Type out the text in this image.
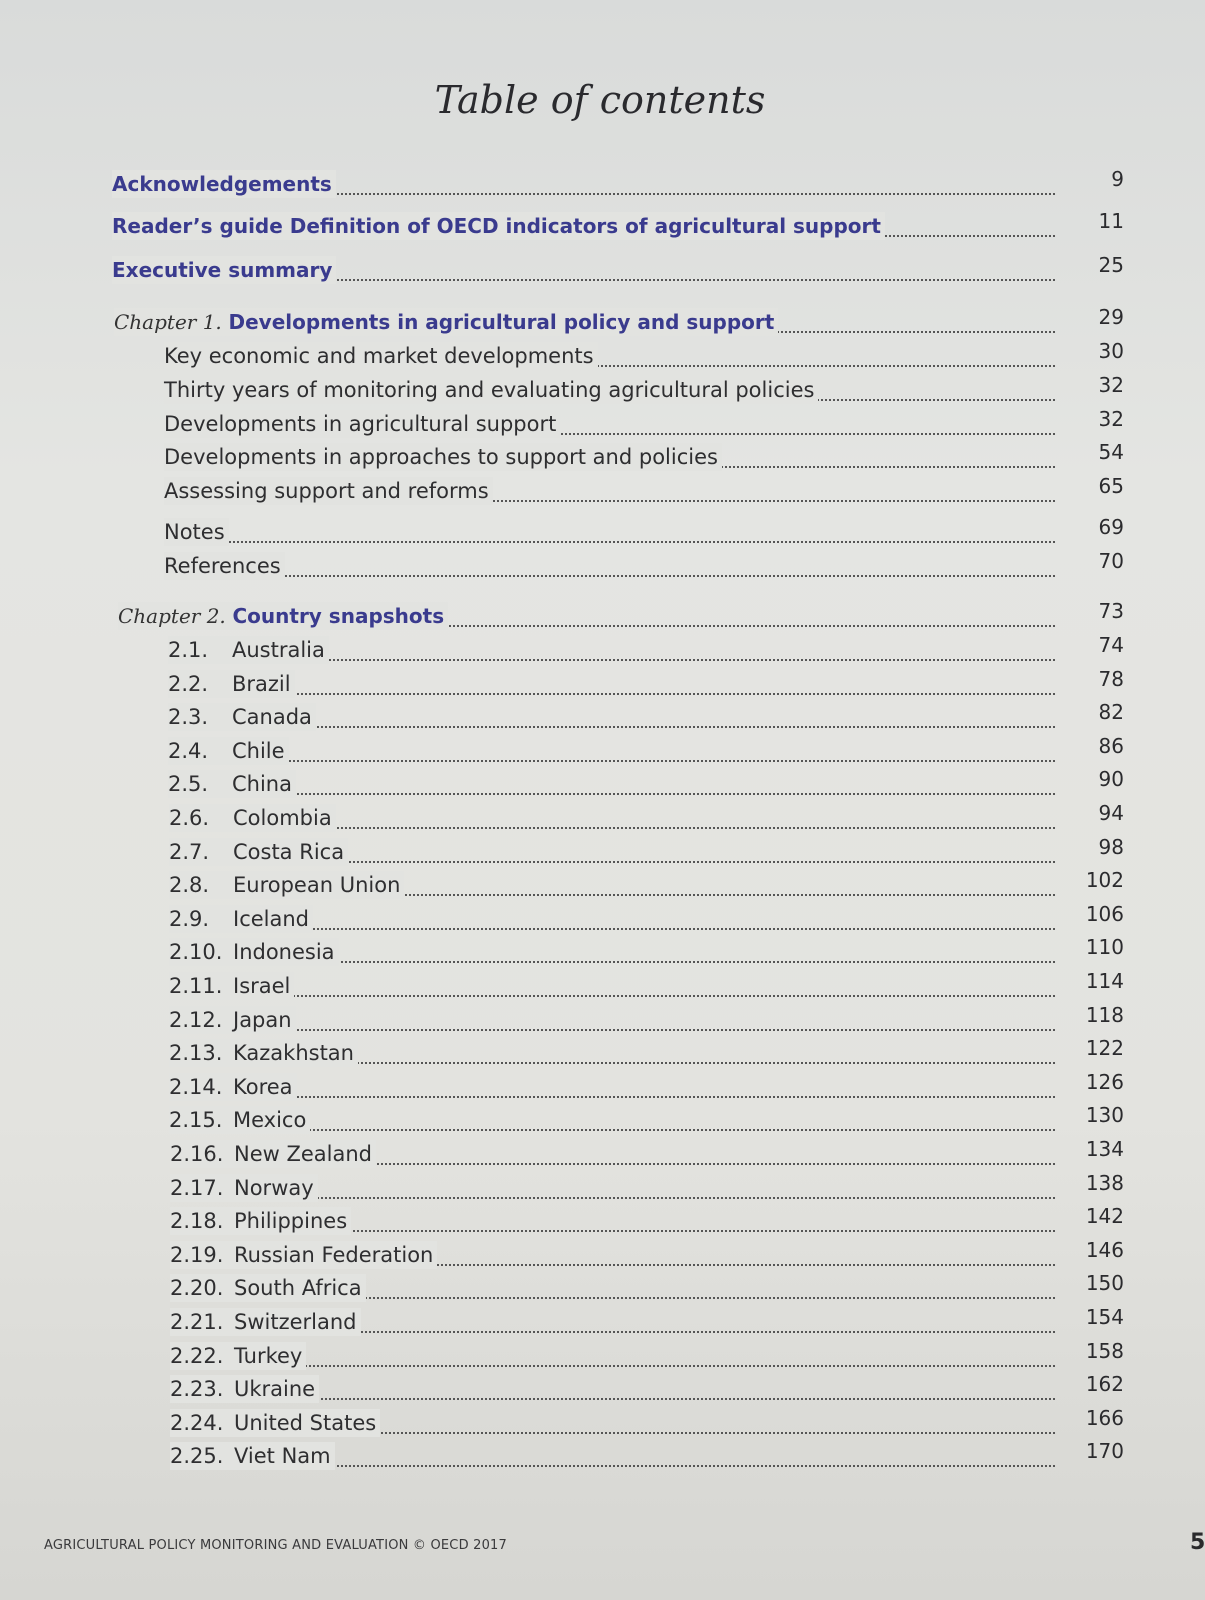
Table of contents
Acknowledgements	9
Reader’s guide Definition of OECD indicators of agricultural support	11
Executive summary	25
Chapter 1. Developments in agricultural policy and support	29
Key economic and market developments	30
Thirty years of monitoring and evaluating agricultural policies	32
Developments in agricultural support	32
Developments in approaches to support and policies	54
Assessing support and reforms	65
Notes	69
References	70
Chapter 2. Country snapshots	73
2.1. Australia	74
2.2. Brazil	78
2.3. Canada	82
2.4. Chile	86
2.5. China	90
2.6. Colombia	94
2.7. Costa Rica	98
2.8. European Union	102
2.9. Iceland	106
2.10. Indonesia	110
2.11. Israel	114
2.12. Japan	118
2.13. Kazakhstan	122
2.14. Korea	126
2.15. Mexico	130
2.16. New Zealand	134
2.17. Norway	138
2.18. Philippines	142
2.19. Russian Federation	146
2.20. South Africa	150
2.21. Switzerland	154
2.22. Turkey	158
2.23. Ukraine	162
2.24. United States	166
2.25. Viet Nam	170
AGRICULTURAL POLICY MONITORING AND EVALUATION © OECD 2017	5
